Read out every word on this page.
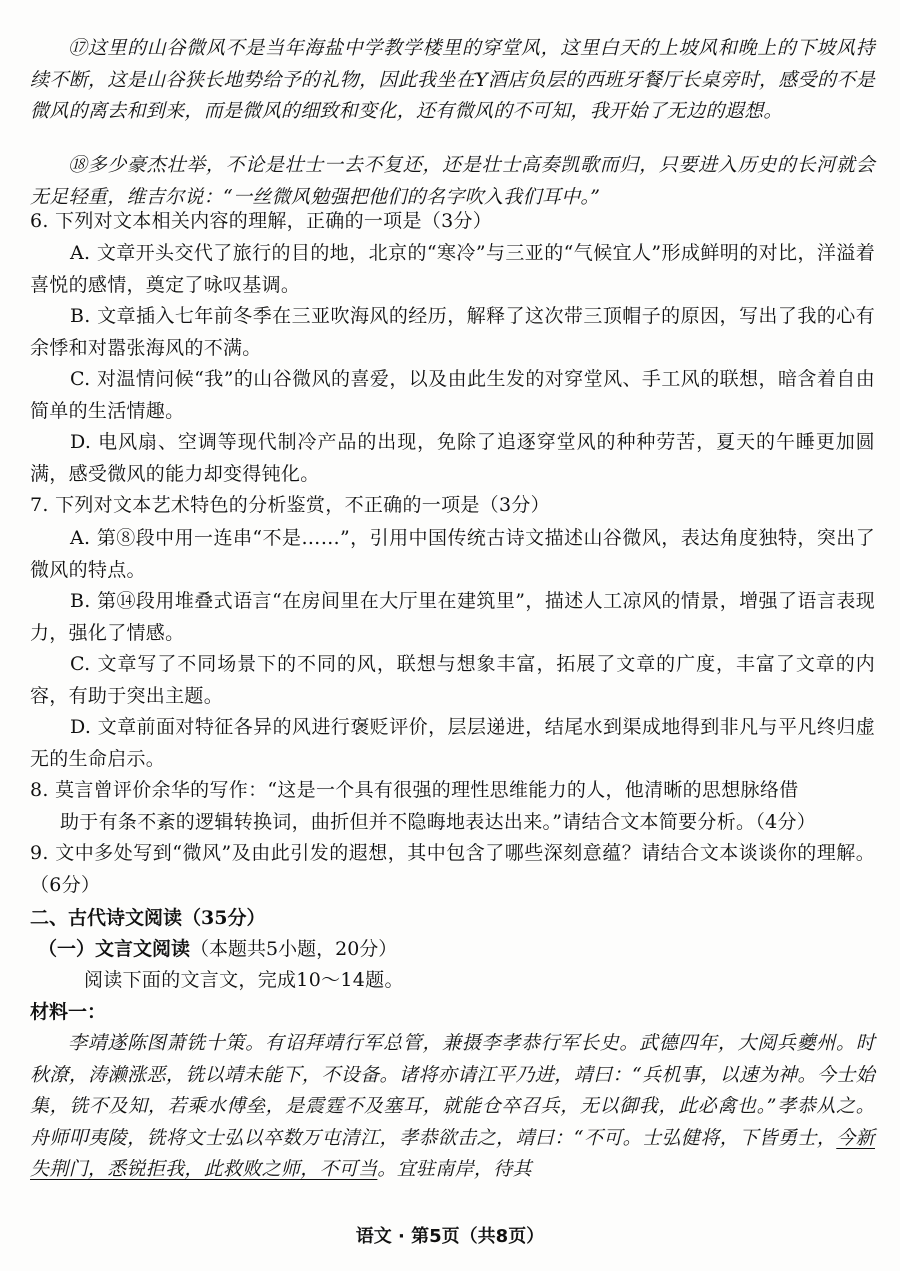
⑰这里的山谷微风不是当年海盐中学教学楼里的穿堂风，这里白天的上坡风和晚上的下坡风持续不断，这是山谷狭长地势给予的礼物，因此我坐在Y酒店负层的西班牙餐厅长桌旁时，感受的不是微风的离去和到来，而是微风的细致和变化，还有微风的不可知，我开始了无边的遐想。
⑱多少豪杰壮举，不论是壮士一去不复还，还是壮士高奏凯歌而归，只要进入历史的长河就会无足轻重，维吉尔说：“一丝微风勉强把他们的名字吹入我们耳中。”
6. 下列对文本相关内容的理解，正确的一项是（3分）
A. 文章开头交代了旅行的目的地，北京的“寒冷”与三亚的“气候宜人”形成鲜明的对比，洋溢着喜悦的感情，奠定了咏叹基调。
B. 文章插入七年前冬季在三亚吹海风的经历，解释了这次带三顶帽子的原因，写出了我的心有余悸和对嚣张海风的不满。
C. 对温情问候“我”的山谷微风的喜爱，以及由此生发的对穿堂风、手工风的联想，暗含着自由简单的生活情趣。
D. 电风扇、空调等现代制冷产品的出现，免除了追逐穿堂风的种种劳苦，夏天的午睡更加圆满，感受微风的能力却变得钝化。
7. 下列对文本艺术特色的分析鉴赏，不正确的一项是（3分）
A. 第⑧段中用一连串“不是……”，引用中国传统古诗文描述山谷微风，表达角度独特，突出了微风的特点。
B. 第⑭段用堆叠式语言“在房间里在大厅里在建筑里”，描述人工凉风的情景，增强了语言表现力，强化了情感。
C. 文章写了不同场景下的不同的风，联想与想象丰富，拓展了文章的广度，丰富了文章的内容，有助于突出主题。
D. 文章前面对特征各异的风进行褒贬评价，层层递进，结尾水到渠成地得到非凡与平凡终归虚无的生命启示。
8. 莫言曾评价余华的写作：“这是一个具有很强的理性思维能力的人，他清晰的思想脉络借
助于有条不紊的逻辑转换词，曲折但并不隐晦地表达出来。”请结合文本简要分析。（4分）
9. 文中多处写到“微风”及由此引发的遐想，其中包含了哪些深刻意蕴？请结合文本谈谈你的理解。（6分）
二、古代诗文阅读（35分）
（一）文言文阅读（本题共5小题，20分）
阅读下面的文言文，完成10～14题。
材料一：
李靖遂陈图萧铣十策。有诏拜靖行军总管，兼摄李孝恭行军长史。武德四年，大阅兵夔州。时秋潦，涛濑涨恶，铣以靖未能下，不设备。诸将亦请江平乃进，靖曰：“兵机事，以速为神。今士始集，铣不及知，若乘水傅垒，是震霆不及塞耳，就能仓卒召兵，无以御我，此必禽也。”孝恭从之。舟师叩夷陵，铣将文士弘以卒数万屯清江，孝恭欲击之，靖曰：“不可。士弘健将，下皆勇士，今新失荆门，悉锐拒我，此救败之师，不可当。宜驻南岸，待其
语文 · 第5页（共8页）
